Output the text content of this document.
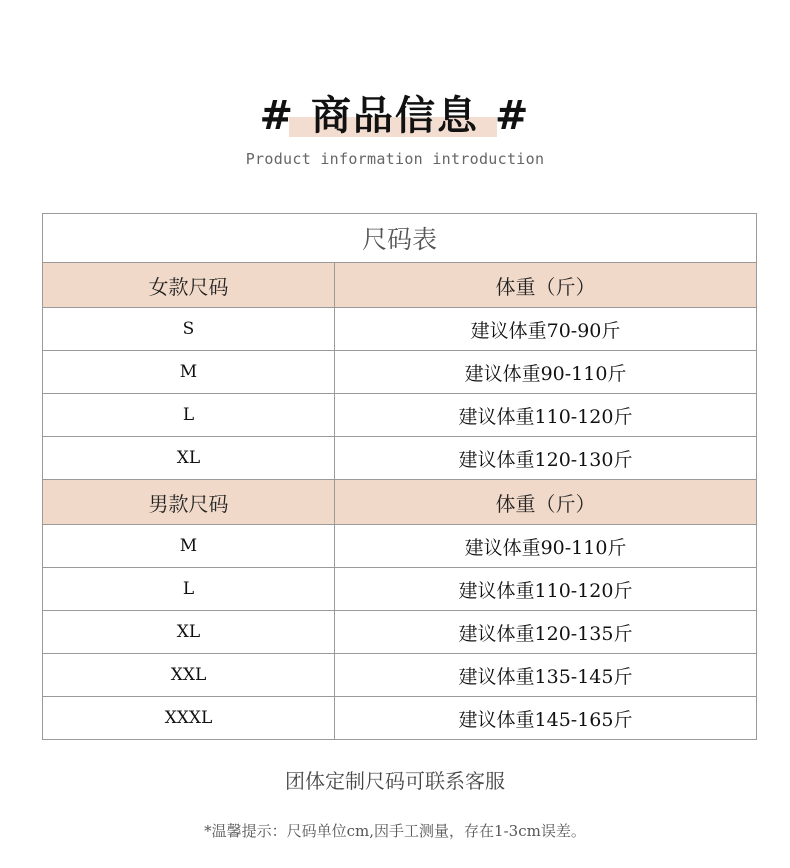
# 商品信息 #
Product information introduction
尺码表	
女款尺码	体重（斤）
S	建议体重70-90斤
M	建议体重90-110斤
L	建议体重110-120斤
XL	建议体重120-130斤
男款尺码	体重（斤）
M	建议体重90-110斤
L	建议体重110-120斤
XL	建议体重120-135斤
XXL	建议体重135-145斤
XXXL	建议体重145-165斤
团体定制尺码可联系客服
*温馨提示：尺码单位cm,因手工测量，存在1-3cm误差。
